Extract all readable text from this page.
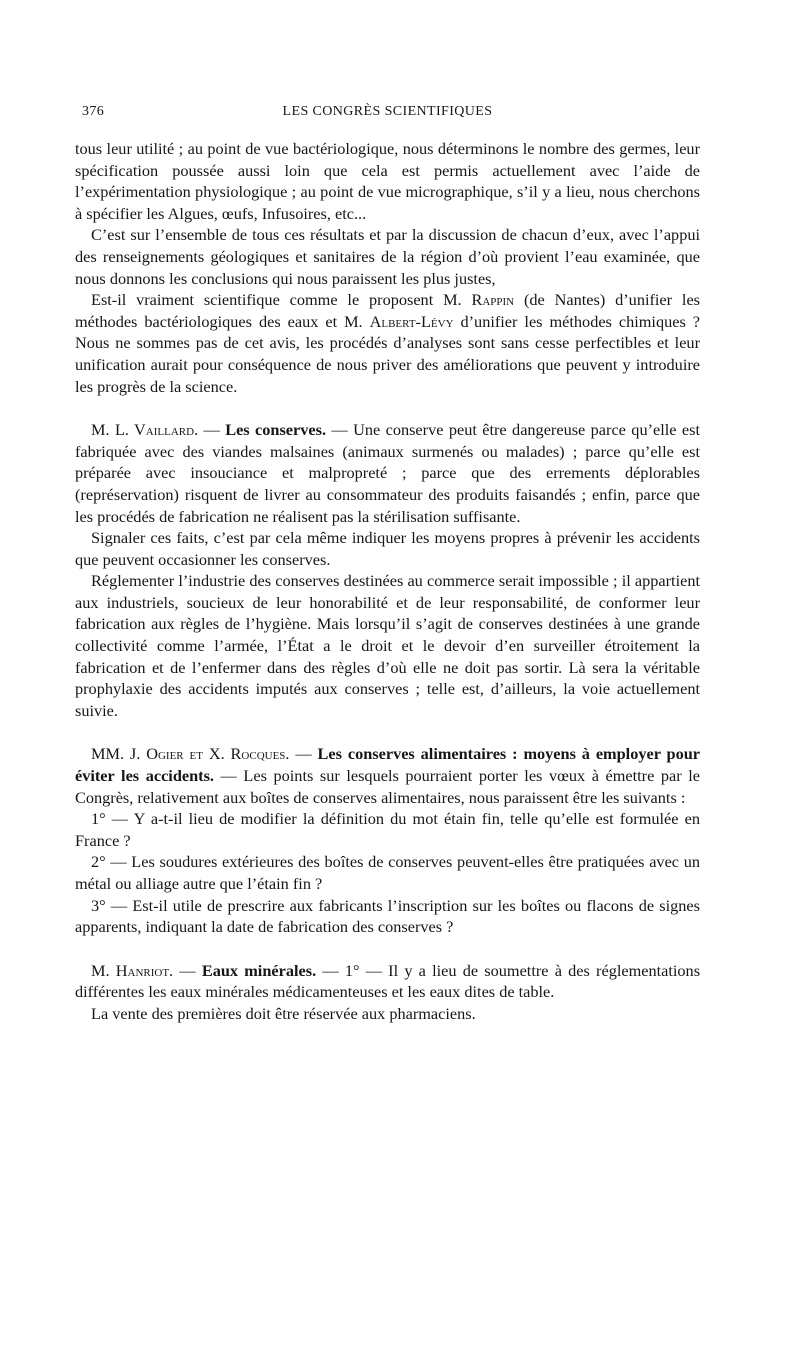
376	LES CONGRÈS SCIENTIFIQUES

tous leur utilité ; au point de vue bactériologique, nous déterminons le nombre des germes, leur spécification poussée aussi loin que cela est permis actuellement avec l’aide de l’expérimentation physiologique ; au point de vue micrographique, s’il y a lieu, nous cherchons à spécifier les Algues, œufs, Infusoires, etc...

C’est sur l’ensemble de tous ces résultats et par la discussion de chacun d’eux, avec l’appui des renseignements géologiques et sanitaires de la région d’où provient l’eau examinée, que nous donnons les conclusions qui nous paraissent les plus justes,

Est-il vraiment scientifique comme le proposent M. Rappin (de Nantes) d’unifier les méthodes bactériologiques des eaux et M. Albert-Lévy d’unifier les méthodes chimiques ? Nous ne sommes pas de cet avis, les procédés d’analyses sont sans cesse perfectibles et leur unification aurait pour conséquence de nous priver des améliorations que peuvent y introduire les progrès de la science.

M. L. Vaillard. — Les conserves. — Une conserve peut être dangereuse parce qu’elle est fabriquée avec des viandes malsaines (animaux surmenés ou malades) ; parce qu’elle est préparée avec insouciance et malpropreté ; parce que des errements déplorables (représervation) risquent de livrer au consommateur des produits faisandés ; enfin, parce que les procédés de fabrication ne réalisent pas la stérilisation suffisante.

Signaler ces faits, c’est par cela même indiquer les moyens propres à prévenir les accidents que peuvent occasionner les conserves.

Réglementer l’industrie des conserves destinées au commerce serait impossible ; il appartient aux industriels, soucieux de leur honorabilité et de leur responsabilité, de conformer leur fabrication aux règles de l’hygiène. Mais lorsqu’il s’agit de conserves destinées à une grande collectivité comme l’armée, l’État a le droit et le devoir d’en surveiller étroitement la fabrication et de l’enfermer dans des règles d’où elle ne doit pas sortir. Là sera la véritable prophylaxie des accidents imputés aux conserves ; telle est, d’ailleurs, la voie actuellement suivie.

MM. J. Ogier et X. Rocques. — Les conserves alimentaires : moyens à employer pour éviter les accidents. — Les points sur lesquels pourraient porter les vœux à émettre par le Congrès, relativement aux boîtes de conserves alimentaires, nous paraissent être les suivants :

1° — Y a-t-il lieu de modifier la définition du mot étain fin, telle qu’elle est formulée en France ?

2° — Les soudures extérieures des boîtes de conserves peuvent-elles être pratiquées avec un métal ou alliage autre que l’étain fin ?

3° — Est-il utile de prescrire aux fabricants l’inscription sur les boîtes ou flacons de signes apparents, indiquant la date de fabrication des conserves ?

M. Hanriot. — Eaux minérales. — 1° — Il y a lieu de soumettre à des réglementations différentes les eaux minérales médicamenteuses et les eaux dites de table.

La vente des premières doit être réservée aux pharmaciens.
